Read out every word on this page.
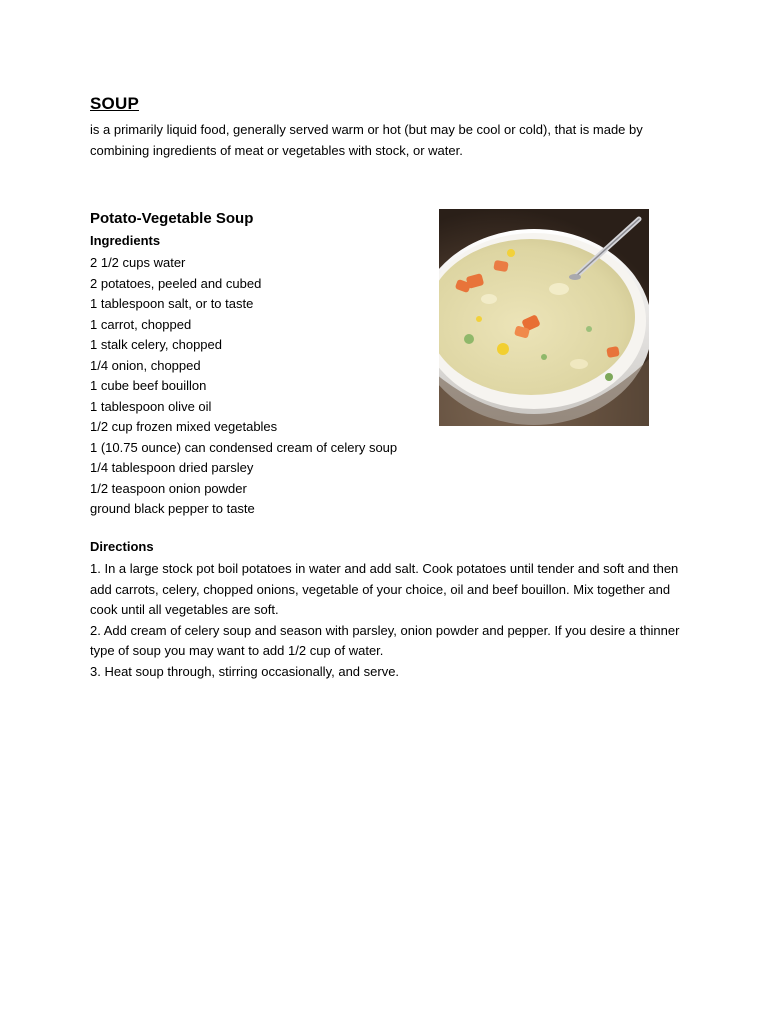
SOUP
is a primarily liquid food, generally served warm or hot (but may be cool or cold), that is made by combining ingredients of meat or vegetables with stock, or water.
Potato-Vegetable Soup
Ingredients
2 1/2 cups water
2 potatoes, peeled and cubed
1 tablespoon salt, or to taste
1 carrot, chopped
1 stalk celery, chopped
1/4 onion, chopped
1 cube beef bouillon
1 tablespoon olive oil
1/2 cup frozen mixed vegetables
1 (10.75 ounce) can condensed cream of celery soup
1/4 tablespoon dried parsley
1/2 teaspoon onion powder
ground black pepper to taste
Directions
1. In a large stock pot boil potatoes in water and add salt. Cook potatoes until tender and soft and then add carrots, celery, chopped onions, vegetable of your choice, oil and beef bouillon. Mix together and cook until all vegetables are soft.
2. Add cream of celery soup and season with parsley, onion powder and pepper. If you desire a thinner type of soup you may want to add 1/2 cup of water.
3. Heat soup through, stirring occasionally, and serve.
